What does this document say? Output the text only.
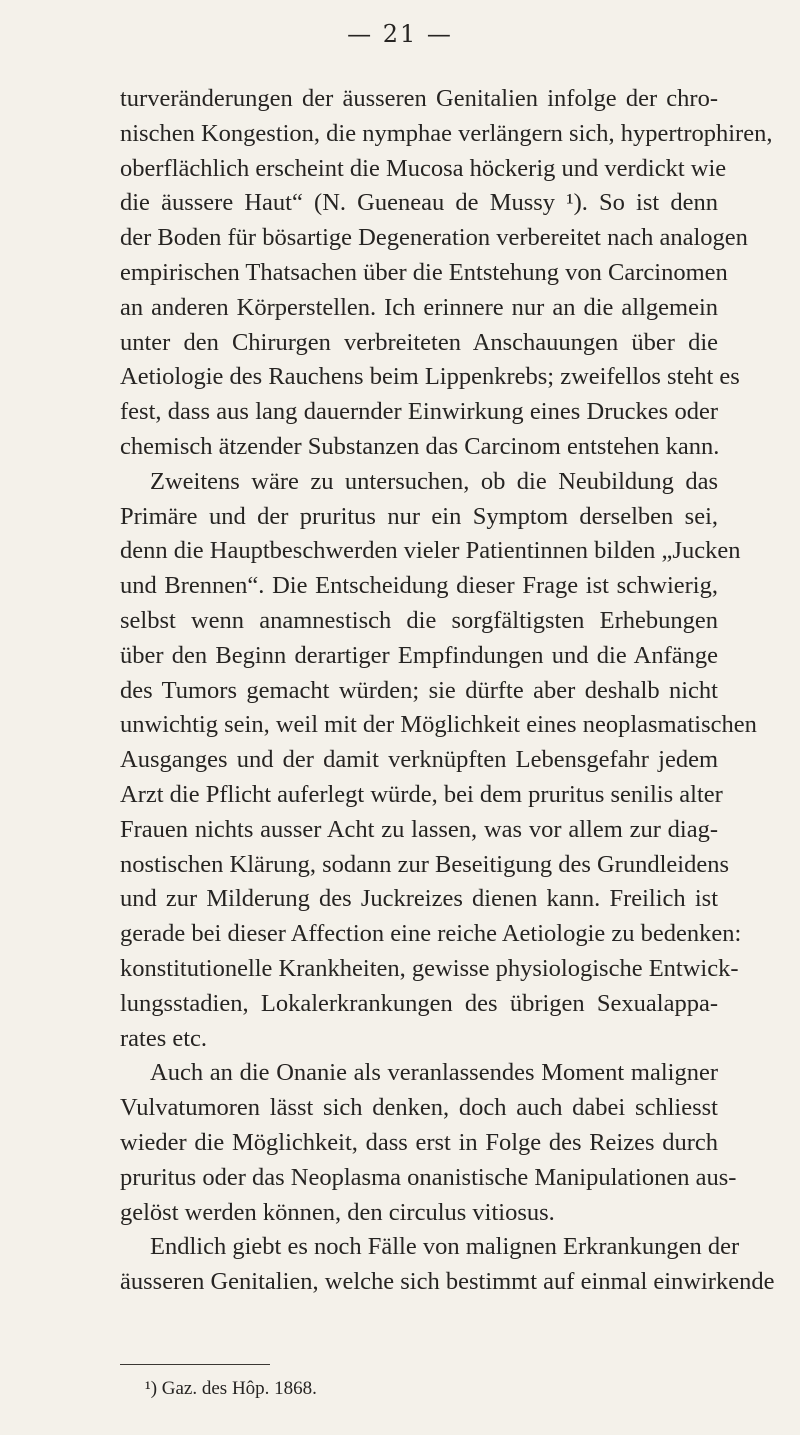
— 21 —
turveränderungen der äusseren Genitalien infolge der chro-
nischen Kongestion, die nymphae verlängern sich, hypertrophiren,
oberflächlich erscheint die Mucosa höckerig und verdickt wie
die äussere Haut“ (N. Gueneau de Mussy ¹). So ist denn
der Boden für bösartige Degeneration verbereitet nach analogen
empirischen Thatsachen über die Entstehung von Carcinomen
an anderen Körperstellen. Ich erinnere nur an die allgemein
unter den Chirurgen verbreiteten Anschauungen über die
Aetiologie des Rauchens beim Lippenkrebs; zweifellos steht es
fest, dass aus lang dauernder Einwirkung eines Druckes oder
chemisch ätzender Substanzen das Carcinom entstehen kann.
Zweitens wäre zu untersuchen, ob die Neubildung das
Primäre und der pruritus nur ein Symptom derselben sei,
denn die Hauptbeschwerden vieler Patientinnen bilden „Jucken
und Brennen“. Die Entscheidung dieser Frage ist schwierig,
selbst wenn anamnestisch die sorgfältigsten Erhebungen
über den Beginn derartiger Empfindungen und die Anfänge
des Tumors gemacht würden; sie dürfte aber deshalb nicht
unwichtig sein, weil mit der Möglichkeit eines neoplasmatischen
Ausganges und der damit verknüpften Lebensgefahr jedem
Arzt die Pflicht auferlegt würde, bei dem pruritus senilis alter
Frauen nichts ausser Acht zu lassen, was vor allem zur diag-
nostischen Klärung, sodann zur Beseitigung des Grundleidens
und zur Milderung des Juckreizes dienen kann. Freilich ist
gerade bei dieser Affection eine reiche Aetiologie zu bedenken:
konstitutionelle Krankheiten, gewisse physiologische Entwick-
lungsstadien, Lokalerkrankungen des übrigen Sexualappa-
rates etc.
Auch an die Onanie als veranlassendes Moment maligner
Vulvatumoren lässt sich denken, doch auch dabei schliesst
wieder die Möglichkeit, dass erst in Folge des Reizes durch
pruritus oder das Neoplasma onanistische Manipulationen aus-
gelöst werden können, den circulus vitiosus.
Endlich giebt es noch Fälle von malignen Erkrankungen der
äusseren Genitalien, welche sich bestimmt auf einmal einwirkende
¹) Gaz. des Hôp. 1868.
